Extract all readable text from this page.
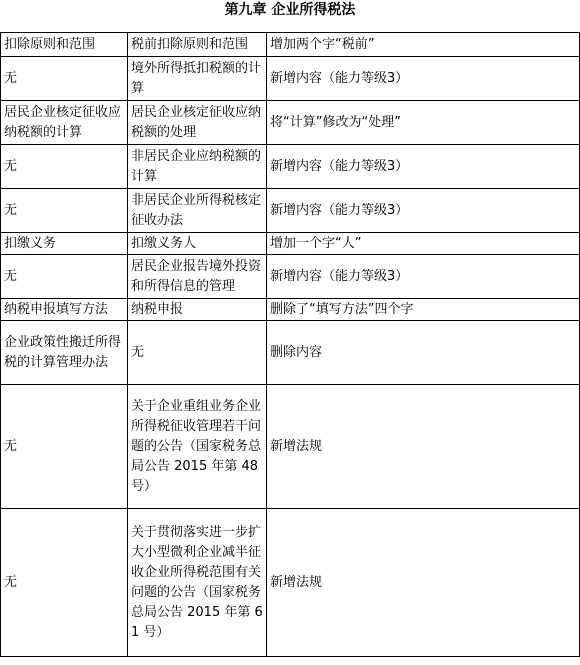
第九章 企业所得税法
扣除原则和范围	税前扣除原则和范围	增加两个字“税前”
无	境外所得抵扣税额的计算	新增内容（能力等级3）
居民企业核定征收应纳税额的计算	居民企业核定征收应纳税额的处理	将“计算”修改为“处理”
无	非居民企业应纳税额的计算	新增内容（能力等级3）
无	非居民企业所得税核定征收办法	新增内容（能力等级3）
扣缴义务	扣缴义务人	增加一个字“人”
无	居民企业报告境外投资和所得信息的管理	新增内容（能力等级3）
纳税申报填写方法	纳税申报	删除了“填写方法”四个字
企业政策性搬迁所得税的计算管理办法	无	删除内容
无	关于企业重组业务企业所得税征收管理若干问题的公告（国家税务总局公告 2015 年第 48 号）	新增法规
无	关于贯彻落实进一步扩大小型微利企业减半征收企业所得税范围有关问题的公告（国家税务总局公告 2015 年第 61 号）	新增法规
